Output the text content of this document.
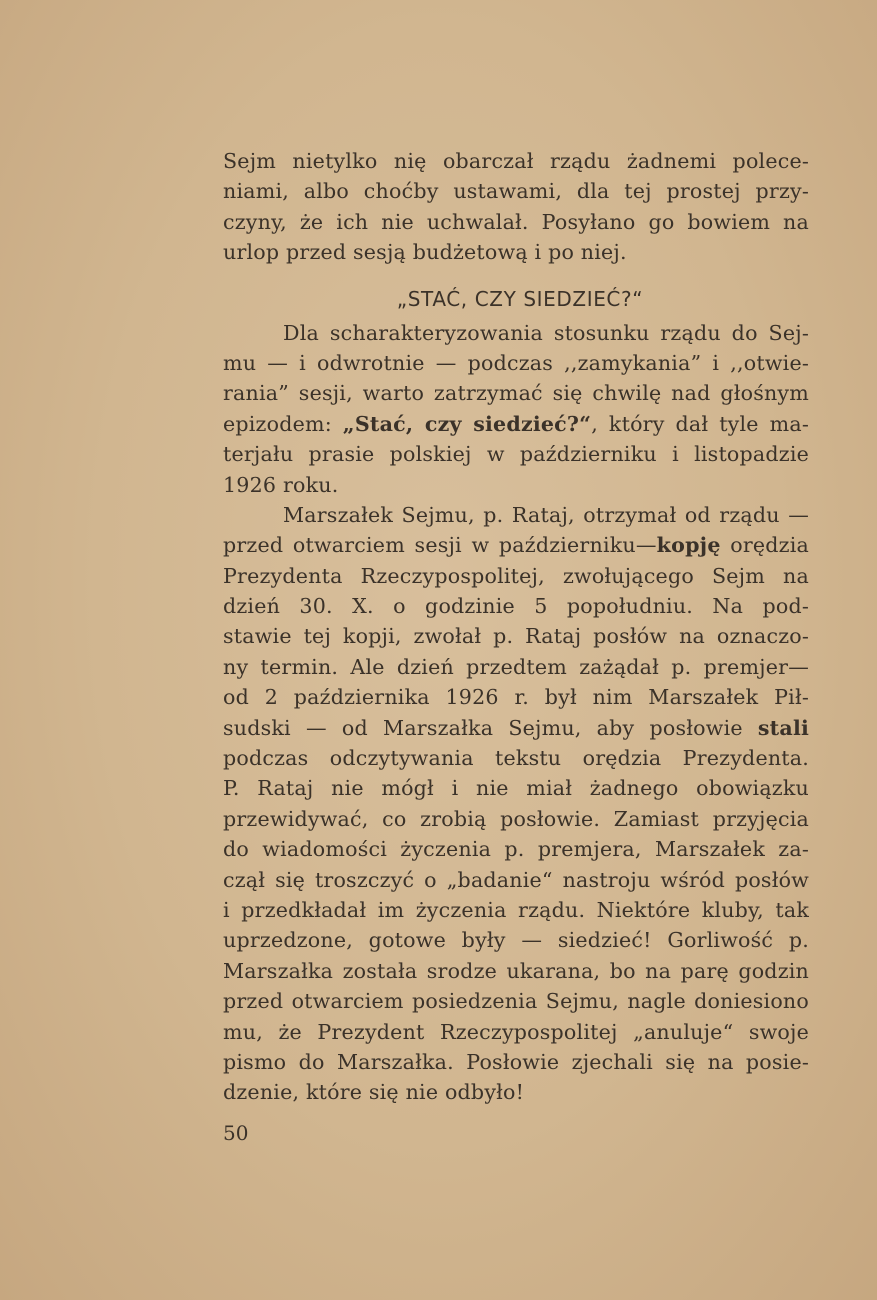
Sejm nietylko nię obarczał rządu żadnemi polece-
niami, albo choćby ustawami, dla tej prostej przy-
czyny, że ich nie uchwalał. Posyłano go bowiem na
urlop przed sesją budżetową i po niej.
„STAĆ, CZY SIEDZIEĆ?“
Dla scharakteryzowania stosunku rządu do Sej-
mu — i odwrotnie — podczas ,,zamykania” i ,,otwie-
rania” sesji, warto zatrzymać się chwilę nad głośnym
epizodem: „Stać, czy siedzieć?“, który dał tyle ma-
terjału prasie polskiej w październiku i listopadzie
1926 roku.
Marszałek Sejmu, p. Rataj, otrzymał od rządu —
przed otwarciem sesji w październiku—kopję orędzia
Prezydenta Rzeczypospolitej, zwołującego Sejm na
dzień 30. X. o godzinie 5 popołudniu. Na pod-
stawie tej kopji, zwołał p. Rataj posłów na oznaczo-
ny termin. Ale dzień przedtem zażądał p. premjer—
od 2 października 1926 r. był nim Marszałek Pił-
sudski — od Marszałka Sejmu, aby posłowie stali
podczas odczytywania tekstu orędzia Prezydenta.
P. Rataj nie mógł i nie miał żadnego obowiązku
przewidywać, co zrobią posłowie. Zamiast przyjęcia
do wiadomości życzenia p. premjera, Marszałek za-
czął się troszczyć o „badanie“ nastroju wśród posłów
i przedkładał im życzenia rządu. Niektóre kluby, tak
uprzedzone, gotowe były — siedzieć! Gorliwość p.
Marszałka została srodze ukarana, bo na parę godzin
przed otwarciem posiedzenia Sejmu, nagle doniesiono
mu, że Prezydent Rzeczypospolitej „anuluje“ swoje
pismo do Marszałka. Posłowie zjechali się na posie-
dzenie, które się nie odbyło!
50
